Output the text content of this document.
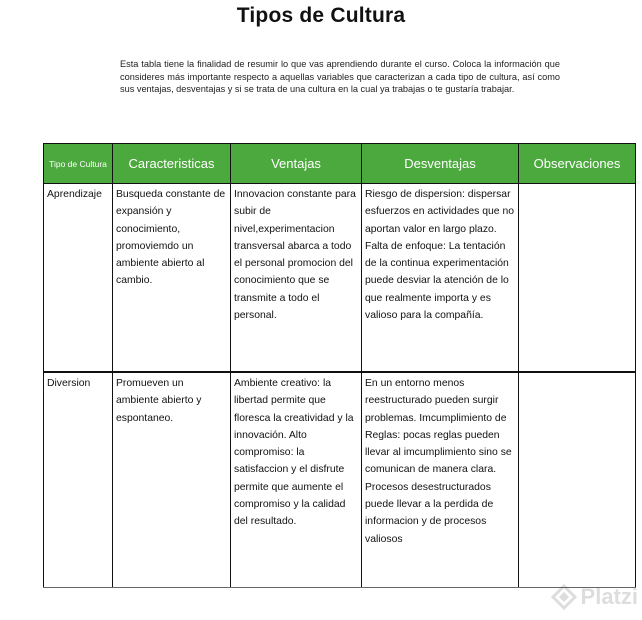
Tipos de Cultura
Esta tabla tiene la finalidad de resumir lo que vas aprendiendo durante el curso. Coloca la información que consideres más importante respecto a aquellas variables que caracterizan a cada tipo de cultura, así como sus ventajas, desventajas y si se trata de una cultura en la cual ya trabajas o te gustaría trabajar.
Tipo de Cultura	Caracteristicas	Ventajas	Desventajas	Observaciones
Aprendizaje	Busqueda constante de expansión y conocimiento, promoviemdo un ambiente abierto al cambio.	Innovacion constante para subir de nivel,experimentacion transversal abarca a todo el personal promocion del conocimiento que se transmite a todo el personal.	Riesgo de dispersion: dispersar esfuerzos en actividades que no aportan valor en largo plazo. Falta de enfoque: La tentación de la continua experimentación puede desviar la atención de lo que realmente importa y es valioso para la compañía.	
Diversion	Promueven un ambiente abierto y espontaneo.	Ambiente creativo: la libertad permite que floresca la creatividad y la innovación. Alto compromiso: la satisfaccion y el disfrute permite que aumente el compromiso y la calidad del resultado.	En un entorno menos reestructurado pueden surgir problemas. Imcumplimiento de Reglas: pocas reglas pueden llevar al imcumplimiento sino se comunican de manera clara. Procesos desestructurados puede llevar a la perdida de informacion y de procesos valiosos	
Platzi
